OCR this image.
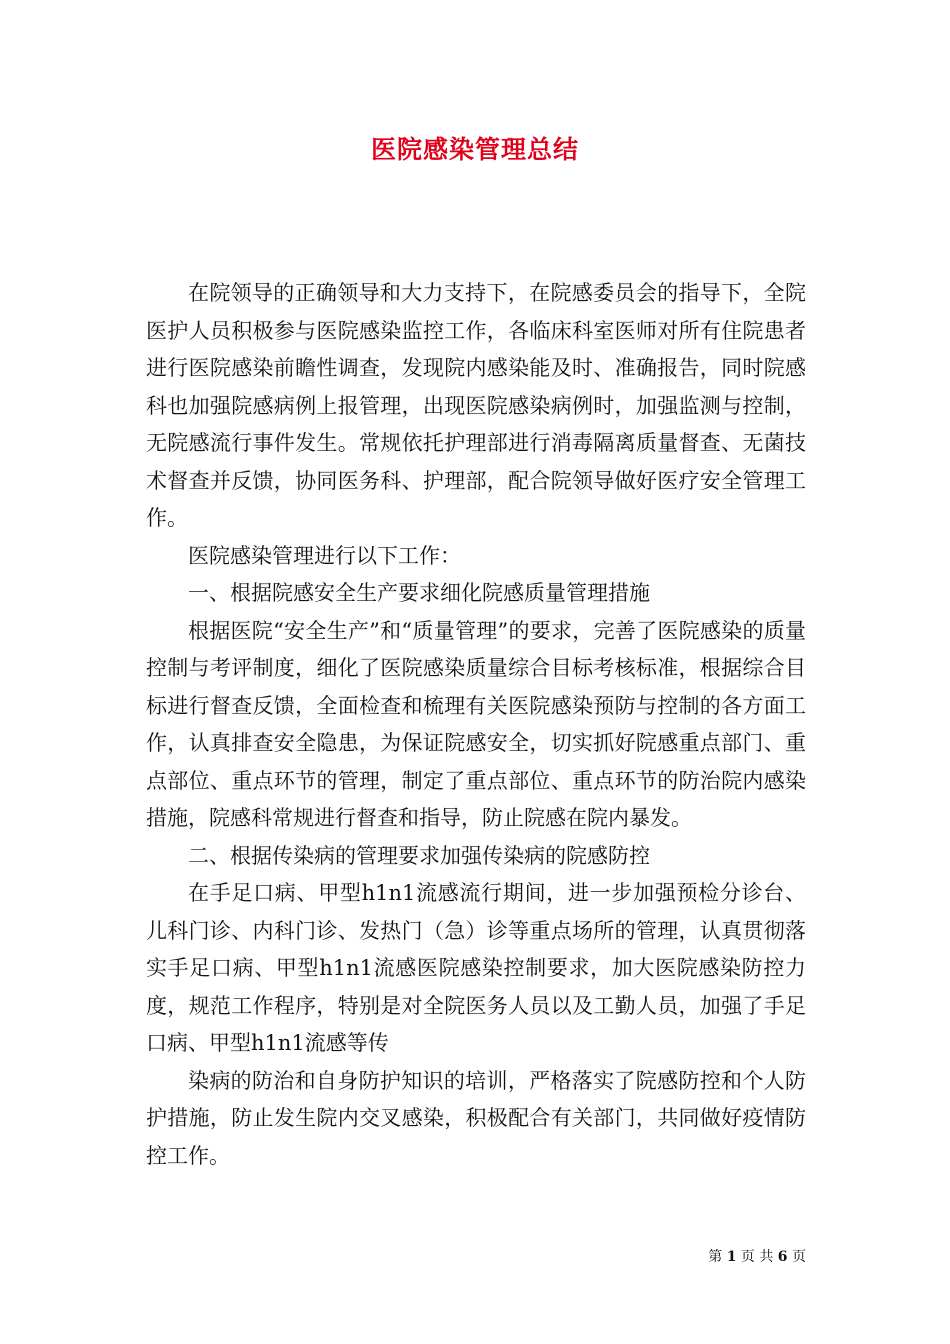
医院感染管理总结

在院领导的正确领导和大力支持下，在院感委员会的指导下，全院医护人员积极参与医院感染监控工作，各临床科室医师对所有住院患者进行医院感染前瞻性调查，发现院内感染能及时、准确报告，同时院感科也加强院感病例上报管理，出现医院感染病例时，加强监测与控制，无院感流行事件发生。常规依托护理部进行消毒隔离质量督查、无菌技术督查并反馈，协同医务科、护理部，配合院领导做好医疗安全管理工作。

医院感染管理进行以下工作：

一、根据院感安全生产要求细化院感质量管理措施

根据医院“安全生产”和“质量管理”的要求，完善了医院感染的质量控制与考评制度，细化了医院感染质量综合目标考核标准，根据综合目标进行督查反馈，全面检查和梳理有关医院感染预防与控制的各方面工作，认真排查安全隐患，为保证院感安全，切实抓好院感重点部门、重点部位、重点环节的管理，制定了重点部位、重点环节的防治院内感染措施，院感科常规进行督查和指导，防止院感在院内暴发。

二、根据传染病的管理要求加强传染病的院感防控

在手足口病、甲型h1n1流感流行期间，进一步加强预检分诊台、儿科门诊、内科门诊、发热门（急）诊等重点场所的管理，认真贯彻落实手足口病、甲型h1n1流感医院感染控制要求，加大医院感染防控力度，规范工作程序，特别是对全院医务人员以及工勤人员，加强了手足口病、甲型h1n1流感等传

染病的防治和自身防护知识的培训，严格落实了院感防控和个人防护措施，防止发生院内交叉感染，积极配合有关部门，共同做好疫情防控工作。

第 1 页 共 6 页
